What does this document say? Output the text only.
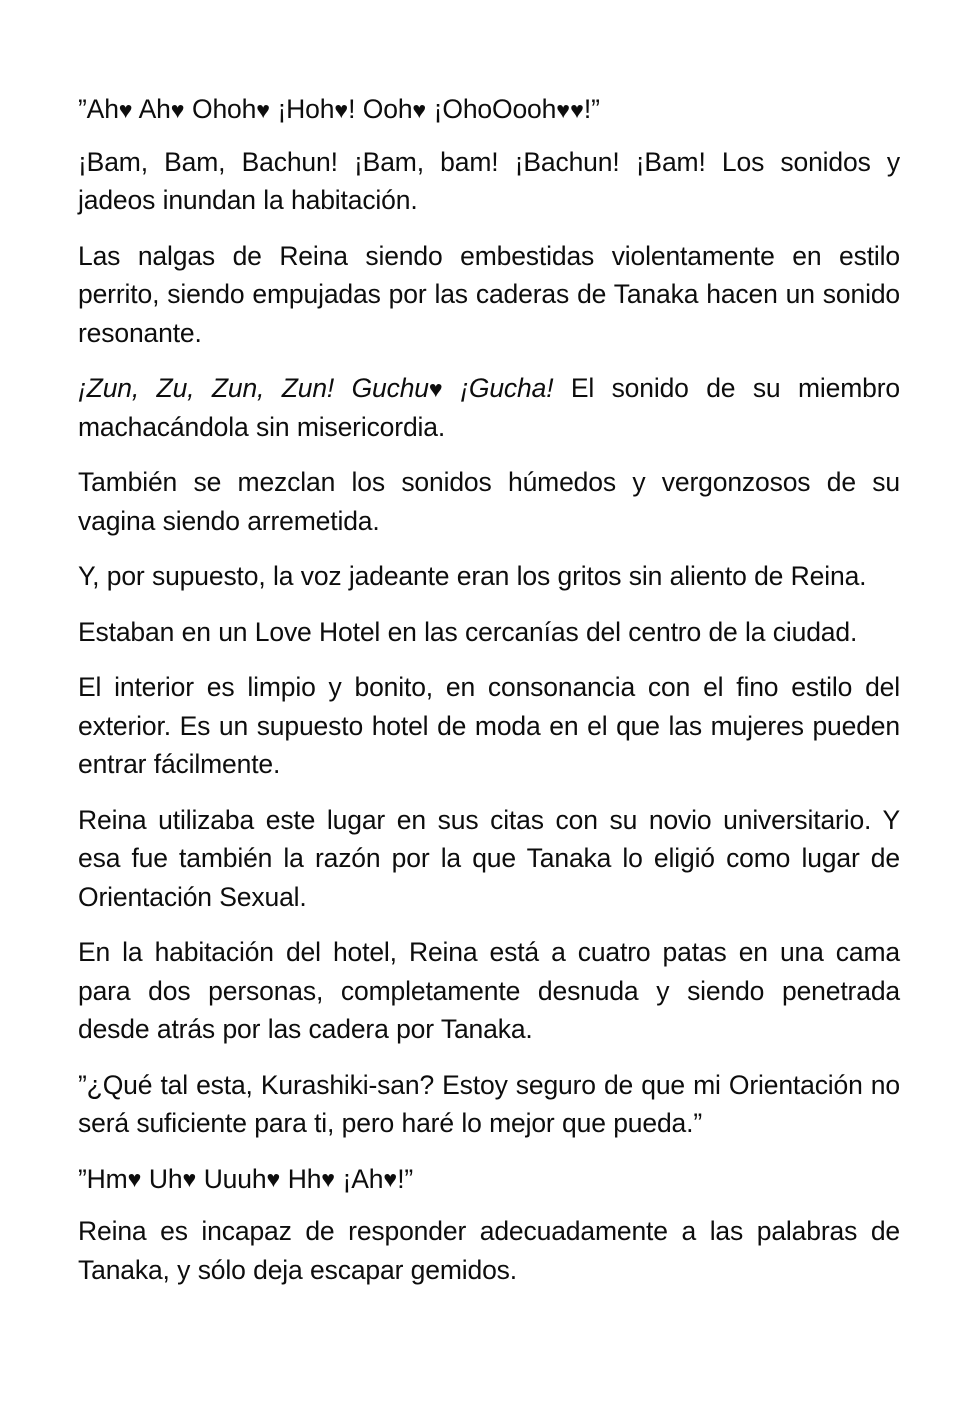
”Ah♥ Ah♥ Ohoh♥ ¡Hoh♥! Ooh♥ ¡OhoOooh♥♥!”

¡Bam, Bam, Bachun! ¡Bam, bam! ¡Bachun! ¡Bam! Los sonidos y jadeos inundan la habitación.

Las nalgas de Reina siendo embestidas violentamente en estilo perrito, siendo empujadas por las caderas de Tanaka hacen un sonido resonante.

¡Zun, Zu, Zun, Zun! Guchu♥ ¡Gucha! El sonido de su miembro machacándola sin misericordia.

También se mezclan los sonidos húmedos y vergonzosos de su vagina siendo arremetida.

Y, por supuesto, la voz jadeante eran los gritos sin aliento de Reina.

Estaban en un Love Hotel en las cercanías del centro de la ciudad.

El interior es limpio y bonito, en consonancia con el fino estilo del exterior. Es un supuesto hotel de moda en el que las mujeres pueden entrar fácilmente.

Reina utilizaba este lugar en sus citas con su novio universitario. Y esa fue también la razón por la que Tanaka lo eligió como lugar de Orientación Sexual.

En la habitación del hotel, Reina está a cuatro patas en una cama para dos personas, completamente desnuda y siendo penetrada desde atrás por las cadera por Tanaka.

”¿Qué tal esta, Kurashiki-san? Estoy seguro de que mi Orientación no será suficiente para ti, pero haré lo mejor que pueda.”

”Hm♥ Uh♥ Uuuh♥ Hh♥ ¡Ah♥!”

Reina es incapaz de responder adecuadamente a las palabras de Tanaka, y sólo deja escapar gemidos.
